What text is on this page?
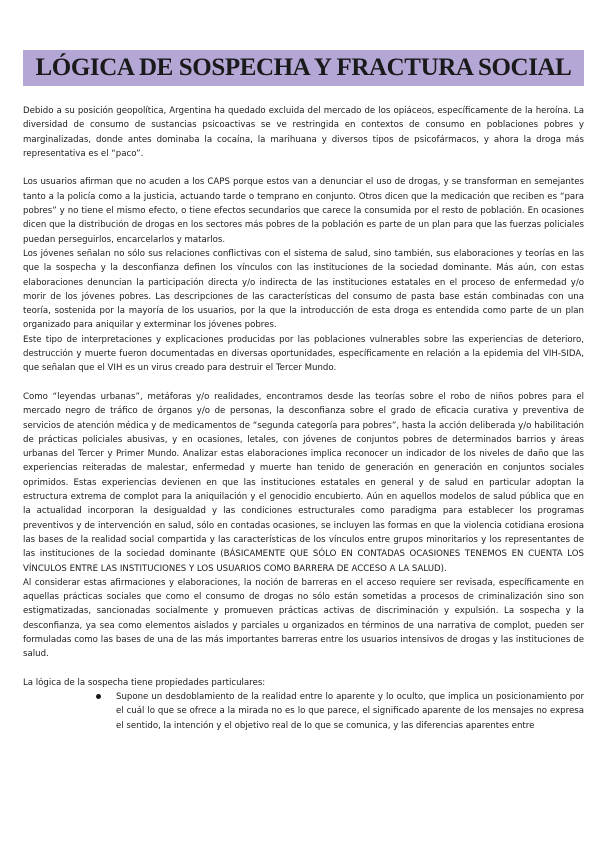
LÓGICA DE SOSPECHA Y FRACTURA SOCIAL

Debido a su posición geopolítica, Argentina ha quedado excluida del mercado de los opiáceos, específicamente de la heroína. La diversidad de consumo de sustancias psicoactivas se ve restringida en contextos de consumo en poblaciones pobres y marginalizadas, donde antes dominaba la cocaína, la marihuana y diversos tipos de psicofármacos, y ahora la droga más representativa es el “paco”.

Los usuarios afirman que no acuden a los CAPS porque estos van a denunciar el uso de drogas, y se transforman en semejantes tanto a la policía como a la justicia, actuando tarde o temprano en conjunto. Otros dicen que la medicación que reciben es “para pobres” y no tiene el mismo efecto, o tiene efectos secundarios que carece la consumida por el resto de población. En ocasiones dicen que la distribución de drogas en los sectores más pobres de la población es parte de un plan para que las fuerzas policiales puedan perseguirlos, encarcelarlos y matarlos.

Los jóvenes señalan no sólo sus relaciones conflictivas con el sistema de salud, sino también, sus elaboraciones y teorías en las que la sospecha y la desconfianza definen los vínculos con las instituciones de la sociedad dominante. Más aún, con estas elaboraciones denuncian la participación directa y/o indirecta de las instituciones estatales en el proceso de enfermedad y/o morir de los jóvenes pobres. Las descripciones de las características del consumo de pasta base están combinadas con una teoría, sostenida por la mayoría de los usuarios, por la que la introducción de esta droga es entendida como parte de un plan organizado para aniquilar y exterminar los jóvenes pobres.

Este tipo de interpretaciones y explicaciones producidas por las poblaciones vulnerables sobre las experiencias de deterioro, destrucción y muerte fueron documentadas en diversas oportunidades, específicamente en relación a la epidemia del VIH-SIDA, que señalan que el VIH es un virus creado para destruir el Tercer Mundo.

Como “leyendas urbanas”, metáforas y/o realidades, encontramos desde las teorías sobre el robo de niños pobres para el mercado negro de tráfico de órganos y/o de personas, la desconfianza sobre el grado de eficacia curativa y preventiva de servicios de atención médica y de medicamentos de “segunda categoría para pobres”, hasta la acción deliberada y/o habilitación de prácticas policiales abusivas, y en ocasiones, letales, con jóvenes de conjuntos pobres de determinados barrios y áreas urbanas del Tercer y Primer Mundo. Analizar estas elaboraciones implica reconocer un indicador de los niveles de daño que las experiencias reiteradas de malestar, enfermedad y muerte han tenido de generación en generación en conjuntos sociales oprimidos. Estas experiencias devienen en que las instituciones estatales en general y de salud en particular adoptan la estructura extrema de complot para la aniquilación y el genocidio encubierto. Aún en aquellos modelos de salud pública que en la actualidad incorporan la desigualdad y las condiciones estructurales como paradigma para establecer los programas preventivos y de intervención en salud, sólo en contadas ocasiones, se incluyen las formas en que la violencia cotidiana erosiona las bases de la realidad social compartida y las características de los vínculos entre grupos minoritarios y los representantes de las instituciones de la sociedad dominante (BÁSICAMENTE QUE SÓLO EN CONTADAS OCASIONES TENEMOS EN CUENTA LOS VÍNCULOS ENTRE LAS INSTITUCIONES Y LOS USUARIOS COMO BARRERA DE ACCESO A LA SALUD).

Al considerar estas afirmaciones y elaboraciones, la noción de barreras en el acceso requiere ser revisada, específicamente en aquellas prácticas sociales que como el consumo de drogas no sólo están sometidas a procesos de criminalización sino son estigmatizadas, sancionadas socialmente y promueven prácticas activas de discriminación y expulsión. La sospecha y la desconfianza, ya sea como elementos aislados y parciales u organizados en términos de una narrativa de complot, pueden ser formuladas como las bases de una de las más importantes barreras entre los usuarios intensivos de drogas y las instituciones de salud.

La lógica de la sospecha tiene propiedades particulares:

Supone un desdoblamiento de la realidad entre lo aparente y lo oculto, que implica un posicionamiento por el cuál lo que se ofrece a la mirada no es lo que parece, el significado aparente de los mensajes no expresa el sentido, la intención y el objetivo real de lo que se comunica, y las diferencias aparentes entre
